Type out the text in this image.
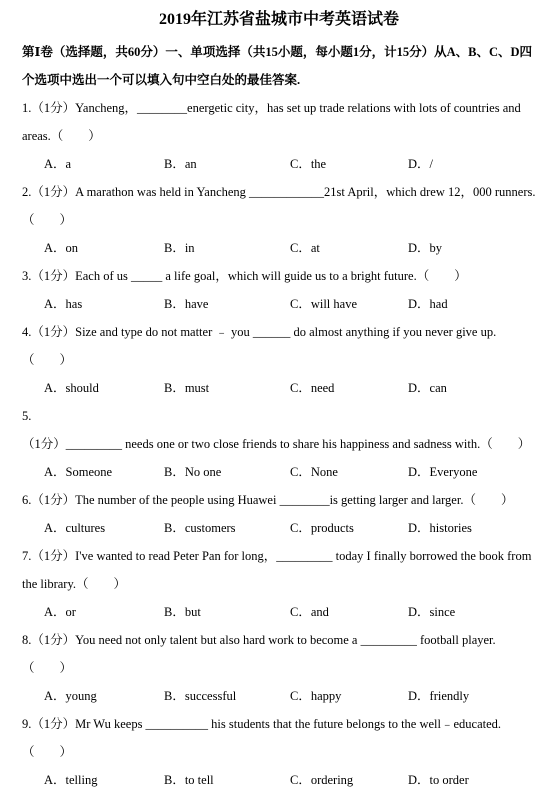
2019年江苏省盐城市中考英语试卷
第Ⅰ卷（选择题，共60分）一、单项选择（共15小题，每小题1分，计15分）从A、B、C、D四个选项中选出一个可以填入句中空白处的最佳答案.
1.（1分）Yancheng，________energetic city，has set up trade relations with lots of countries and areas.（　　）
A．a	B．an	C．the	D．/
2.（1分）A marathon was held in Yancheng ____________21st April，which drew 12，000 runners.（　　）
A．on	B．in	C．at	D．by
3.（1分）Each of us _____ a life goal，which will guide us to a bright future.（　　）
A．has	B．have	C．will have	D．had
4.（1分）Size and type do not matter ﹣ you ______ do almost anything if you never give up.（　　）
A．should	B．must	C．need	D．can
5.（1分）_________ needs one or two close friends to share his happiness and sadness with.（　　）
A．Someone	B．No one	C．None	D．Everyone
6.（1分）The number of the people using Huawei ________is getting larger and larger.（　　）
A．cultures	B．customers	C．products	D．histories
7.（1分）I've wanted to read Peter Pan for long，_________ today I finally borrowed the book from the library.（　　）
A．or	B．but	C．and	D．since
8.（1分）You need not only talent but also hard work to become a _________ football player.（　　）
A．young	B．successful	C．happy	D．friendly
9.（1分）Mr Wu keeps __________ his students that the future belongs to the well﹣educated.（　　）
A．telling	B．to tell	C．ordering	D．to order
